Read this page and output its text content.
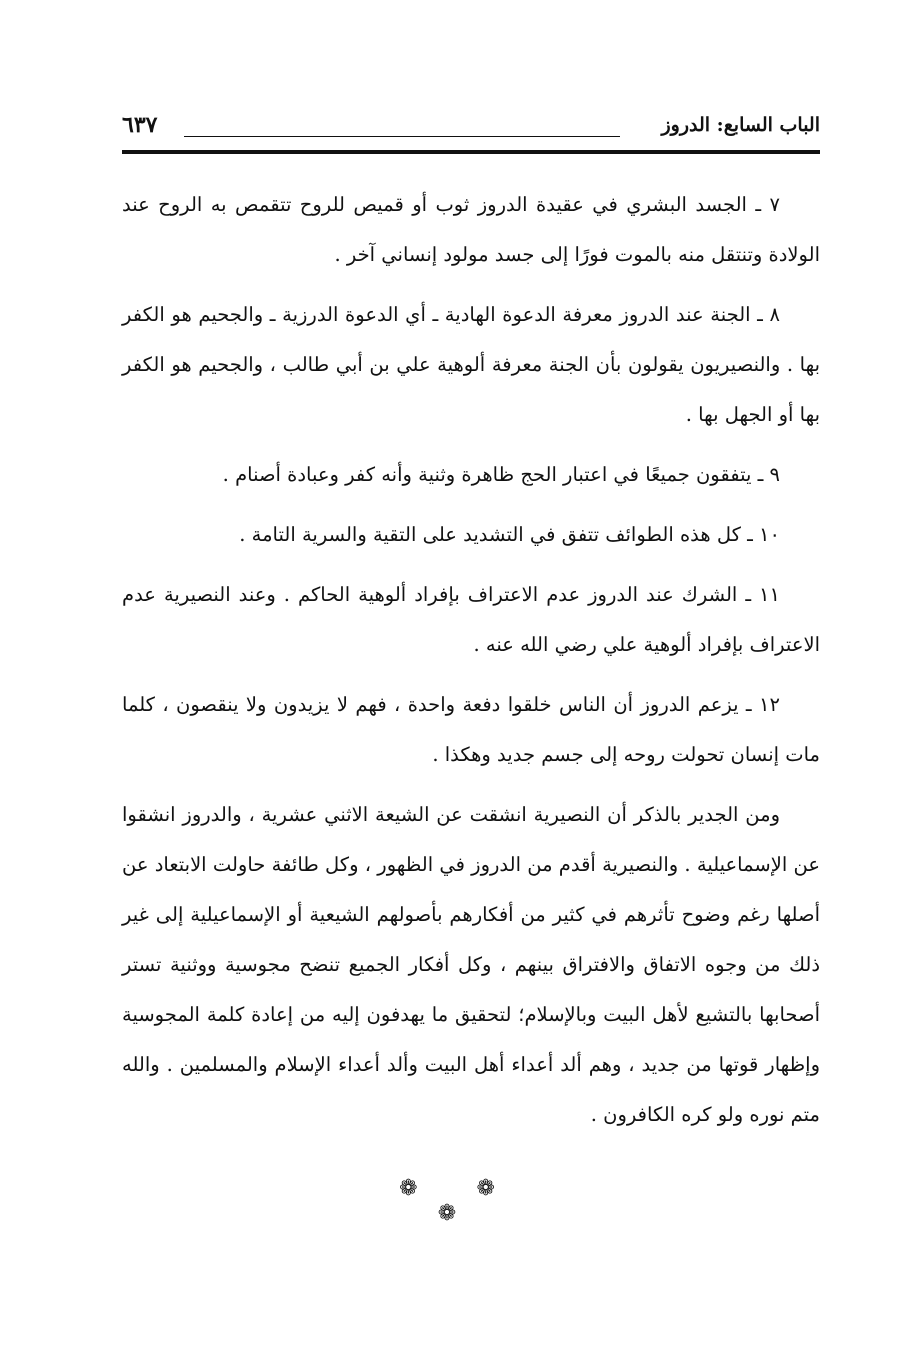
الباب السابع: الدروز
٦٣٧

٧ ـ الجسد البشري في عقيدة الدروز ثوب أو قميص للروح تتقمص به الروح عند الولادة وتنتقل منه بالموت فورًا إلى جسد مولود إنساني آخر .

٨ ـ الجنة عند الدروز معرفة الدعوة الهادية ـ أي الدعوة الدرزية ـ والجحيم هو الكفر بها . والنصيريون يقولون بأن الجنة معرفة ألوهية علي بن أبي طالب ، والجحيم هو الكفر بها أو الجهل بها .

٩ ـ يتفقون جميعًا في اعتبار الحج ظاهرة وثنية وأنه كفر وعبادة أصنام .

١٠ ـ كل هذه الطوائف تتفق في التشديد على التقية والسرية التامة .

١١ ـ الشرك عند الدروز عدم الاعتراف بإفراد ألوهية الحاكم . وعند النصيرية عدم الاعتراف بإفراد ألوهية علي رضي الله عنه .

١٢ ـ يزعم الدروز أن الناس خلقوا دفعة واحدة ، فهم لا يزيدون ولا ينقصون ، كلما مات إنسان تحولت روحه إلى جسم جديد وهكذا .

ومن الجدير بالذكر أن النصيرية انشقت عن الشيعة الاثني عشرية ، والدروز انشقوا عن الإسماعيلية . والنصيرية أقدم من الدروز في الظهور ، وكل طائفة حاولت الابتعاد عن أصلها رغم وضوح تأثرهم في كثير من أفكارهم بأصولهم الشيعية أو الإسماعيلية إلى غير ذلك من وجوه الاتفاق والافتراق بينهم ، وكل أفكار الجميع تنضح مجوسية ووثنية تستر أصحابها بالتشيع لأهل البيت وبالإسلام؛ لتحقيق ما يهدفون إليه من إعادة كلمة المجوسية وإظهار قوتها من جديد ، وهم ألد أعداء أهل البيت وألد أعداء الإسلام والمسلمين . والله متم نوره ولو كره الكافرون .

❁ ❁ ❁
